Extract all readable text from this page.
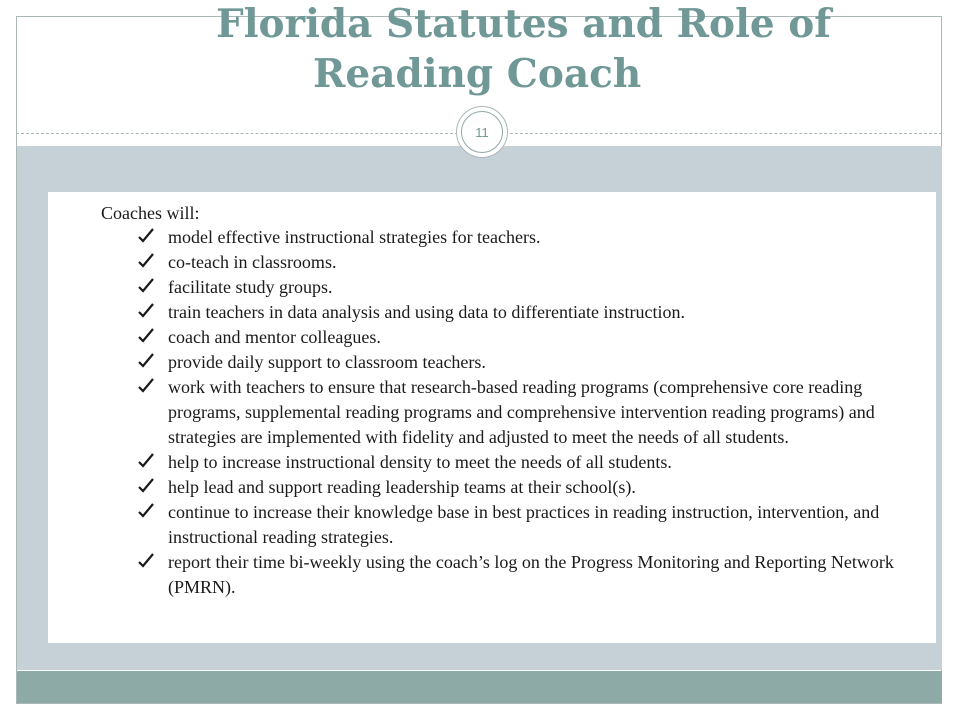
Florida Statutes and Role of
Reading Coach
11
Coaches will:
model effective instructional strategies for teachers.
co-teach in classrooms.
facilitate study groups.
train teachers in data analysis and using data to differentiate instruction.
coach and mentor colleagues.
provide daily support to classroom teachers.
work with teachers to ensure that research-based reading programs (comprehensive core reading programs, supplemental reading programs and comprehensive intervention reading programs) and strategies are implemented with fidelity and adjusted to meet the needs of all students.
help to increase instructional density to meet the needs of all students.
help lead and support reading leadership teams at their school(s).
continue to increase their knowledge base in best practices in reading instruction, intervention, and instructional reading strategies.
report their time bi-weekly using the coach’s log on the Progress Monitoring and Reporting Network (PMRN).
